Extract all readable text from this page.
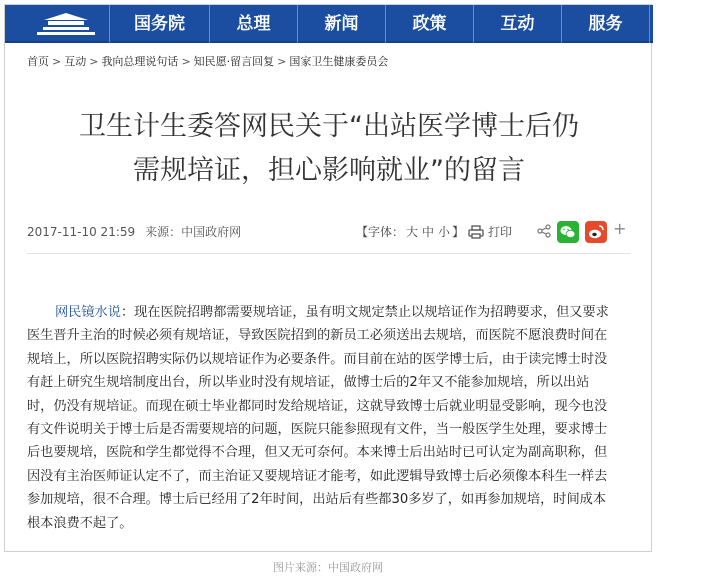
国务院	总理	新闻	政策	互动	服务	数据
首页 > 互动 > 我向总理说句话 > 知民愿·留言回复 > 国家卫生健康委员会
卫生计生委答网民关于“出站医学博士后仍
需规培证，担心影响就业”的留言
2017-11-10 21:59 来源：中国政府网	【字体： 大 中 小 】	打印	+
网民镜水说：现在医院招聘都需要规培证，虽有明文规定禁止以规培证作为招聘要求，但又要求
医生晋升主治的时候必须有规培证，导致医院招到的新员工必须送出去规培，而医院不愿浪费时间在
规培上，所以医院招聘实际仍以规培证作为必要条件。而目前在站的医学博士后，由于读完博士时没
有赶上研究生规培制度出台，所以毕业时没有规培证，做博士后的2年又不能参加规培，所以出站
时，仍没有规培证。而现在硕士毕业都同时发给规培证，这就导致博士后就业明显受影响，现今也没
有文件说明关于博士后是否需要规培的问题，医院只能参照现有文件，当一般医学生处理，要求博士
后也要规培，医院和学生都觉得不合理，但又无可奈何。本来博士后出站时已可认定为副高职称，但
因没有主治医师证认定不了，而主治证又要规培证才能考，如此逻辑导致博士后必须像本科生一样去
参加规培，很不合理。博士后已经用了2年时间，出站后有些都30多岁了，如再参加规培，时间成本
根本浪费不起了。
图片来源：中国政府网
